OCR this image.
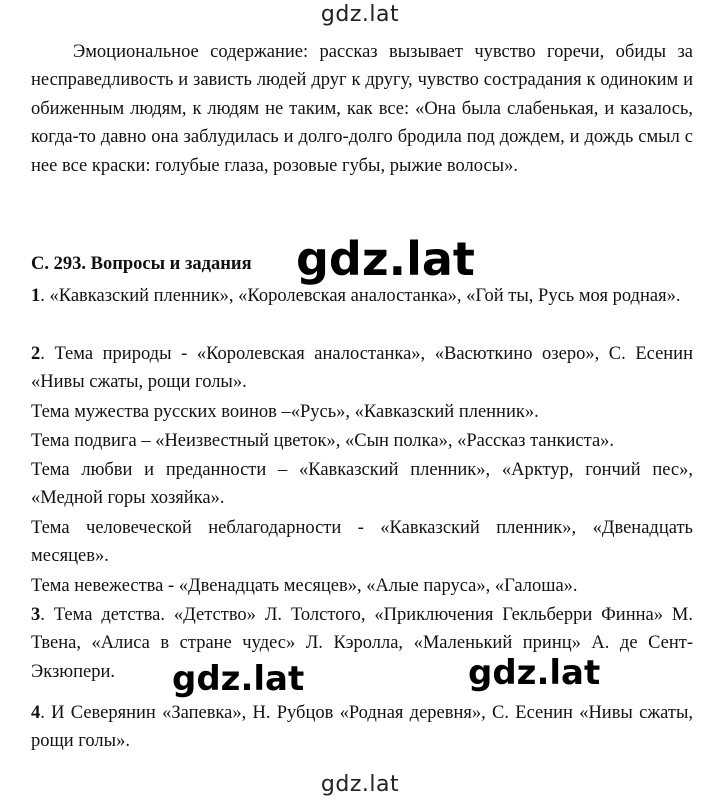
gdz.lat

Эмоциональное содержание: рассказ вызывает чувство горечи, обиды за несправедливость и зависть людей друг к другу, чувство сострадания к одиноким и обиженным людям, к людям не таким, как все: «Она была слабенькая, и казалось, когда-то давно она заблудилась и долго-долго бродила под дождем, и дождь смыл с нее все краски: голубые глаза, розовые губы, рыжие волосы».

С. 293. Вопросы и задания

1. «Кавказский пленник», «Королевская аналостанка», «Гой ты, Русь моя родная».

2. Тема природы - «Королевская аналостанка», «Васюткино озеро», С. Есенин «Нивы сжаты, рощи голы».

Тема мужества русских воинов –«Русь», «Кавказский пленник».

Тема подвига – «Неизвестный цветок», «Сын полка», «Рассказ танкиста».

Тема любви и преданности – «Кавказский пленник», «Арктур, гончий пес», «Медной горы хозяйка».

Тема человеческой неблагодарности - «Кавказский пленник», «Двенадцать месяцев».

Тема невежества - «Двенадцать месяцев», «Алые паруса», «Галоша».

3. Тема детства. «Детство» Л. Толстого, «Приключения Гекльберри Финна» М. Твена, «Алиса в стране чудес» Л. Кэролла, «Маленький принц» А. де Сент-Экзюпери.

4. И Северянин «Запевка», Н. Рубцов «Родная деревня», С. Есенин «Нивы сжаты, рощи голы».

gdz.lat
gdz.lat	gdz.lat
gdz.lat
